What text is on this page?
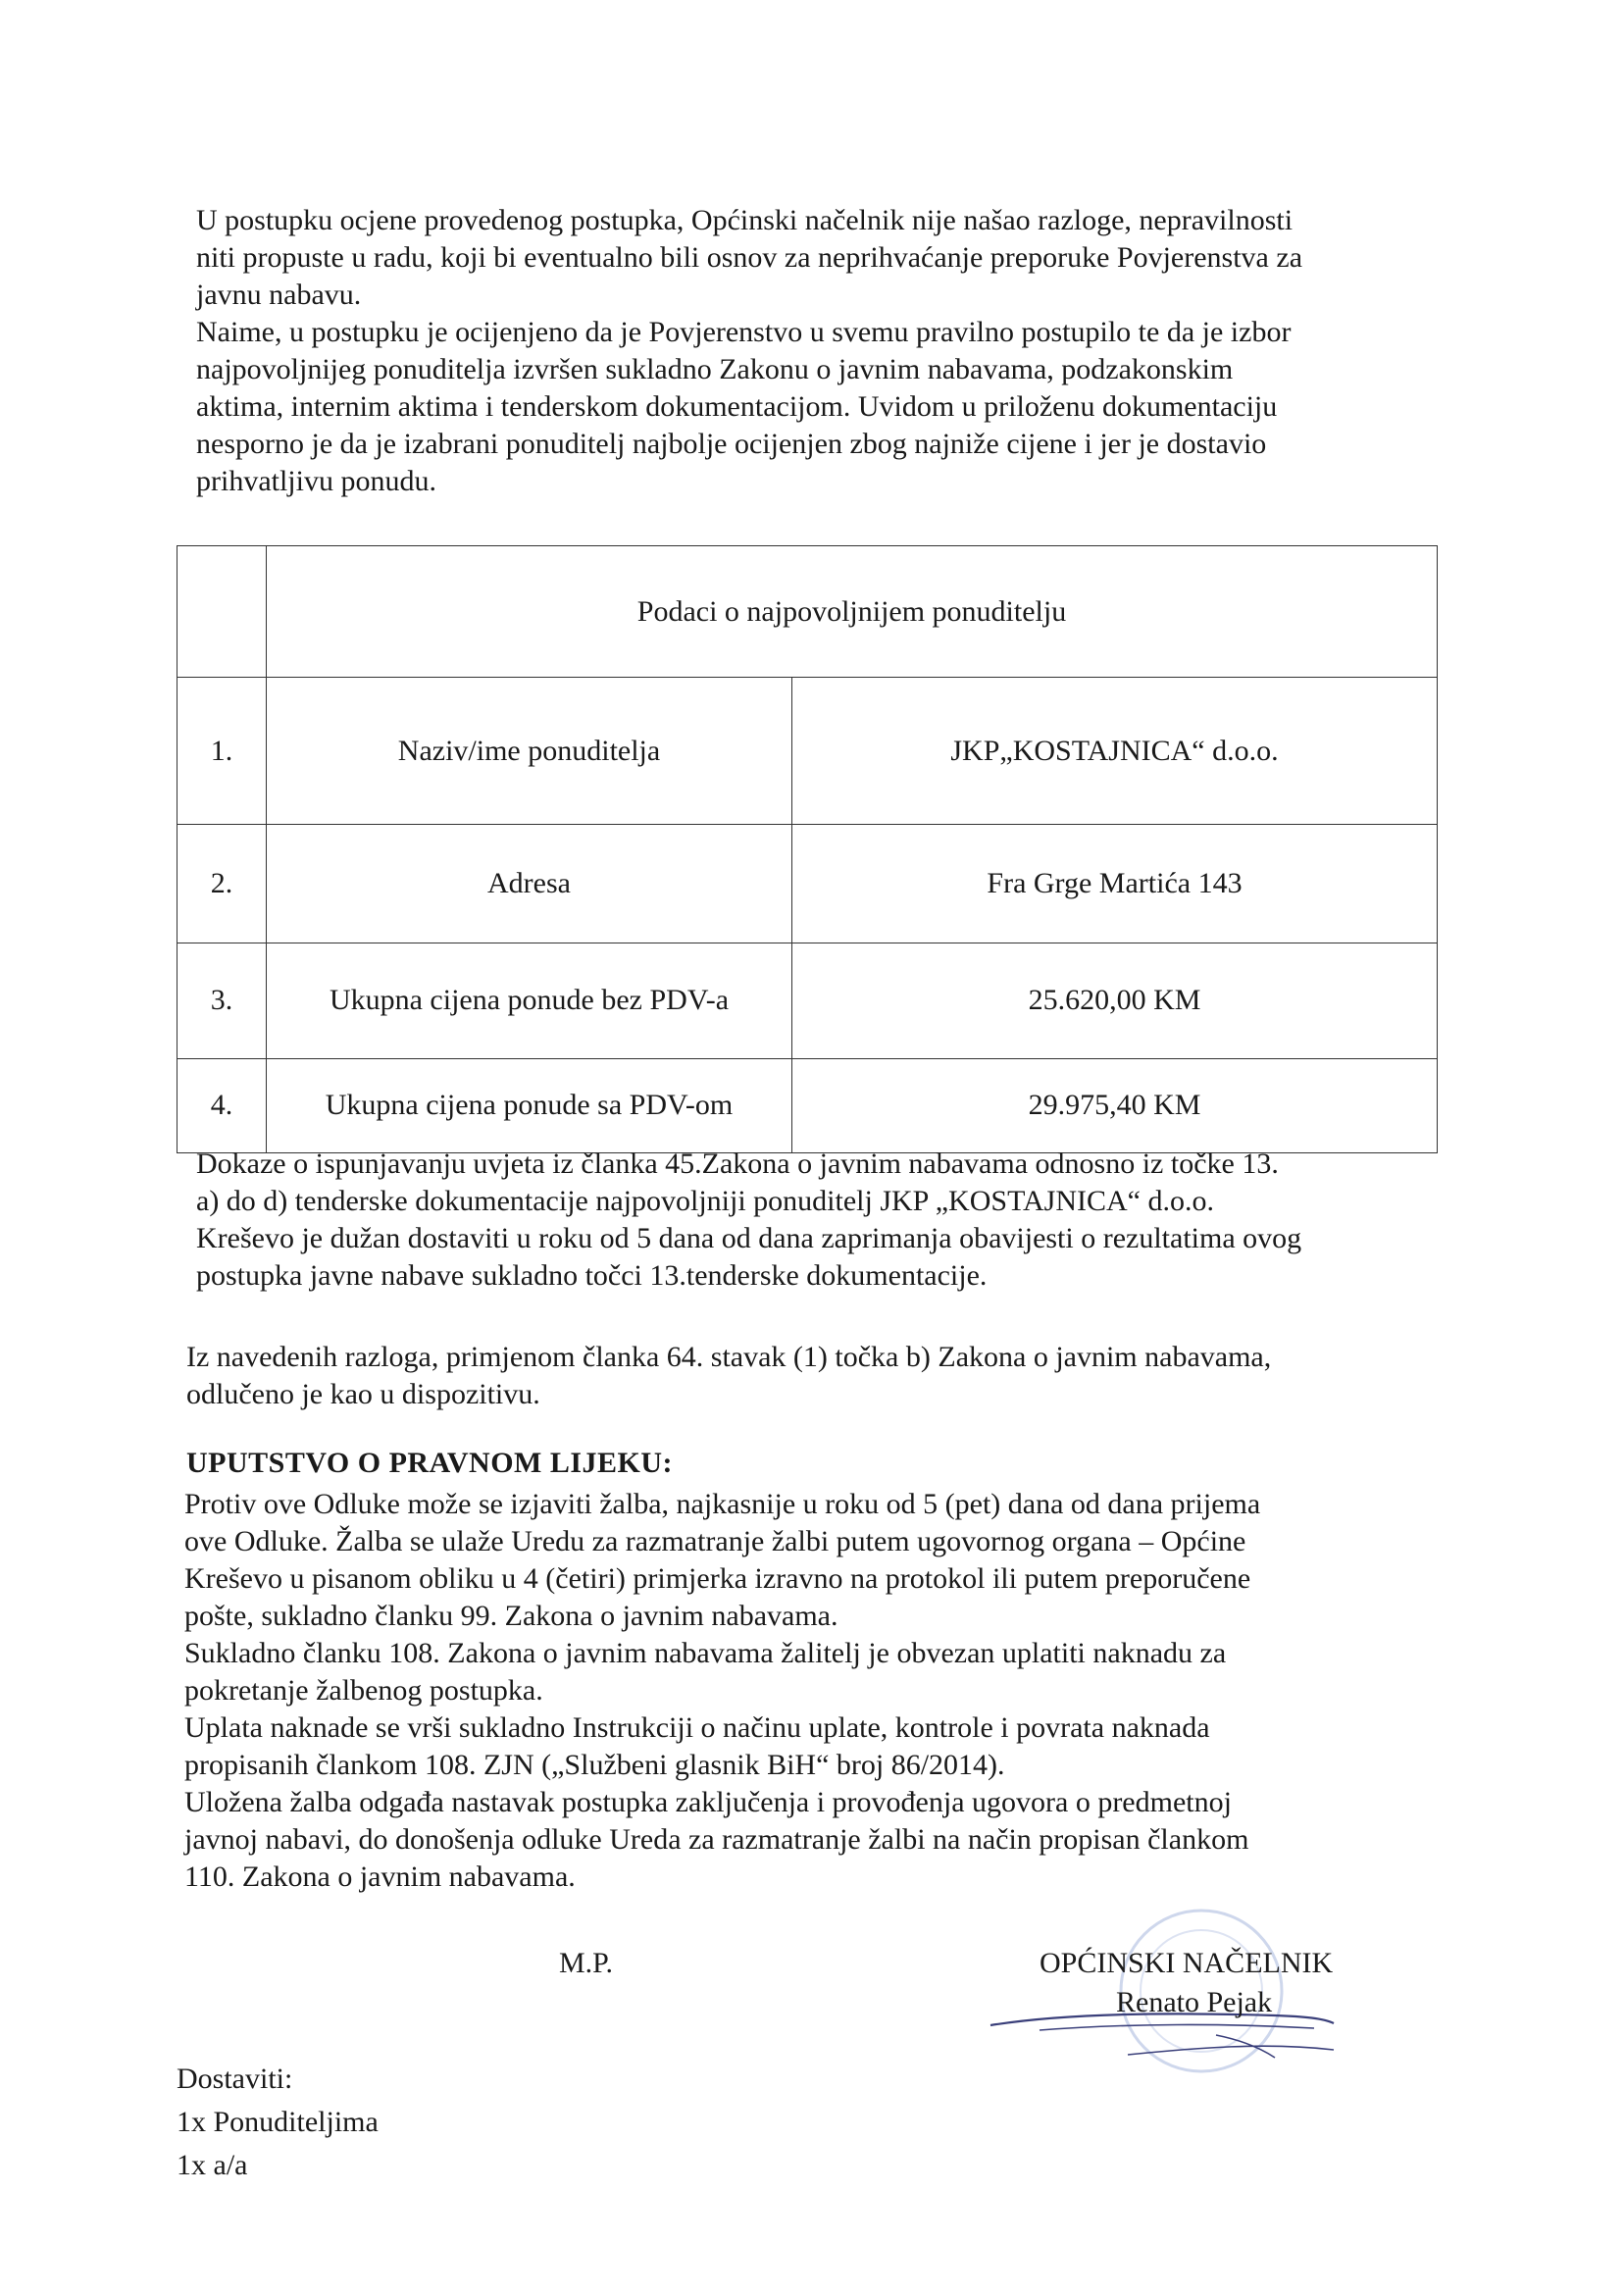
U postupku ocjene provedenog postupka, Općinski načelnik nije našao razloge, nepravilnosti
niti propuste u radu, koji bi eventualno bili osnov za neprihvaćanje preporuke Povjerenstva za
javnu nabavu.
Naime, u postupku je ocijenjeno da je Povjerenstvo u svemu pravilno postupilo te da je izbor
najpovoljnijeg ponuditelja izvršen sukladno Zakonu o javnim nabavama, podzakonskim
aktima, internim aktima i tenderskom dokumentacijom. Uvidom u priloženu dokumentaciju
nesporno je da je izabrani ponuditelj najbolje ocijenjen zbog najniže cijene i jer je dostavio
prihvatljivu ponudu.

	Podaci o najpovoljnijem ponuditelju	
1.	Naziv/ime ponuditelja	JKP„KOSTAJNICA“ d.o.o.
2.	Adresa	Fra Grge Martića 143
3.	Ukupna cijena ponude bez PDV-a	25.620,00 KM
4.	Ukupna cijena ponude sa PDV-om	29.975,40 KM

Dokaze o ispunjavanju uvjeta iz članka 45.Zakona o javnim nabavama odnosno iz točke 13.
a) do d) tenderske dokumentacije najpovoljniji ponuditelj JKP „KOSTAJNICA“ d.o.o.
Kreševo je dužan dostaviti u roku od 5 dana od dana zaprimanja obavijesti o rezultatima ovog
postupka javne nabave sukladno točci 13.tenderske dokumentacije.

Iz navedenih razloga, primjenom članka 64. stavak (1) točka b) Zakona o javnim nabavama,
odlučeno je kao u dispozitivu.

UPUTSTVO O PRAVNOM LIJEKU:

Protiv ove Odluke može se izjaviti žalba, najkasnije u roku od 5 (pet) dana od dana prijema
ove Odluke. Žalba se ulaže Uredu za razmatranje žalbi putem ugovornog organa – Općine
Kreševo u pisanom obliku u 4 (četiri) primjerka izravno na protokol ili putem preporučene
pošte, sukladno članku 99. Zakona o javnim nabavama.
Sukladno članku 108. Zakona o javnim nabavama žalitelj je obvezan uplatiti naknadu za
pokretanje žalbenog postupka.
Uplata naknade se vrši sukladno Instrukciji o načinu uplate, kontrole i povrata naknada
propisanih člankom 108. ZJN („Službeni glasnik BiH“ broj 86/2014).
Uložena žalba odgađa nastavak postupka zaključenja i provođenja ugovora o predmetnoj
javnoj nabavi, do donošenja odluke Ureda za razmatranje žalbi na način propisan člankom
110. Zakona o javnim nabavama.

M.P.	OPĆINSKI NAČELNIK
Renato Pejak
Dostaviti:
1x Ponuditeljima
1x a/a
